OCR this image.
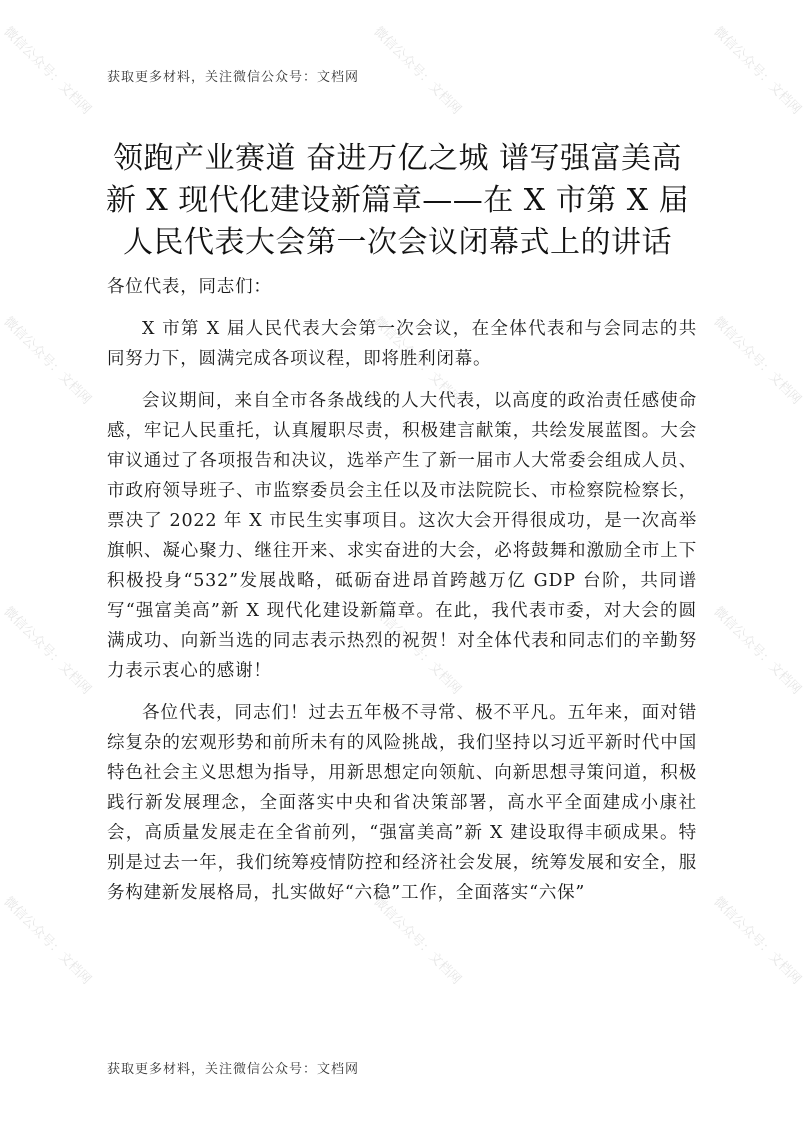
微信公众号：文档网	微信公众号：文档网	微信公众号：文档网
微信公众号：文档网	微信公众号：文档网	微信公众号：文档网
微信公众号：文档网	微信公众号：文档网	微信公众号：文档网
微信公众号：文档网	微信公众号：文档网	微信公众号：文档网
获取更多材料，关注微信公众号：文档网
领跑产业赛道 奋进万亿之城 谱写强富美高新 X 现代化建设新篇章——在 X 市第 X 届人民代表大会第一次会议闭幕式上的讲话

各位代表，同志们：

X 市第 X 届人民代表大会第一次会议，在全体代表和与会同志的共同努力下，圆满完成各项议程，即将胜利闭幕。

会议期间，来自全市各条战线的人大代表，以高度的政治责任感使命感，牢记人民重托，认真履职尽责，积极建言献策，共绘发展蓝图。大会审议通过了各项报告和决议，选举产生了新一届市人大常委会组成人员、市政府领导班子、市监察委员会主任以及市法院院长、市检察院检察长，票决了 2022 年 X 市民生实事项目。这次大会开得很成功，是一次高举旗帜、凝心聚力、继往开来、求实奋进的大会，必将鼓舞和激励全市上下积极投身“532”发展战略，砥砺奋进昂首跨越万亿 GDP 台阶，共同谱写“强富美高”新 X 现代化建设新篇章。在此，我代表市委，对大会的圆满成功、向新当选的同志表示热烈的祝贺！对全体代表和同志们的辛勤努力表示衷心的感谢！

各位代表，同志们！过去五年极不寻常、极不平凡。五年来，面对错综复杂的宏观形势和前所未有的风险挑战，我们坚持以习近平新时代中国特色社会主义思想为指导，用新思想定向领航、向新思想寻策问道，积极践行新发展理念，全面落实中央和省决策部署，高水平全面建成小康社会，高质量发展走在全省前列，“强富美高”新 X 建设取得丰硕成果。特别是过去一年，我们统筹疫情防控和经济社会发展，统筹发展和安全，服务构建新发展格局，扎实做好“六稳”工作，全面落实“六保”

获取更多材料，关注微信公众号：文档网
